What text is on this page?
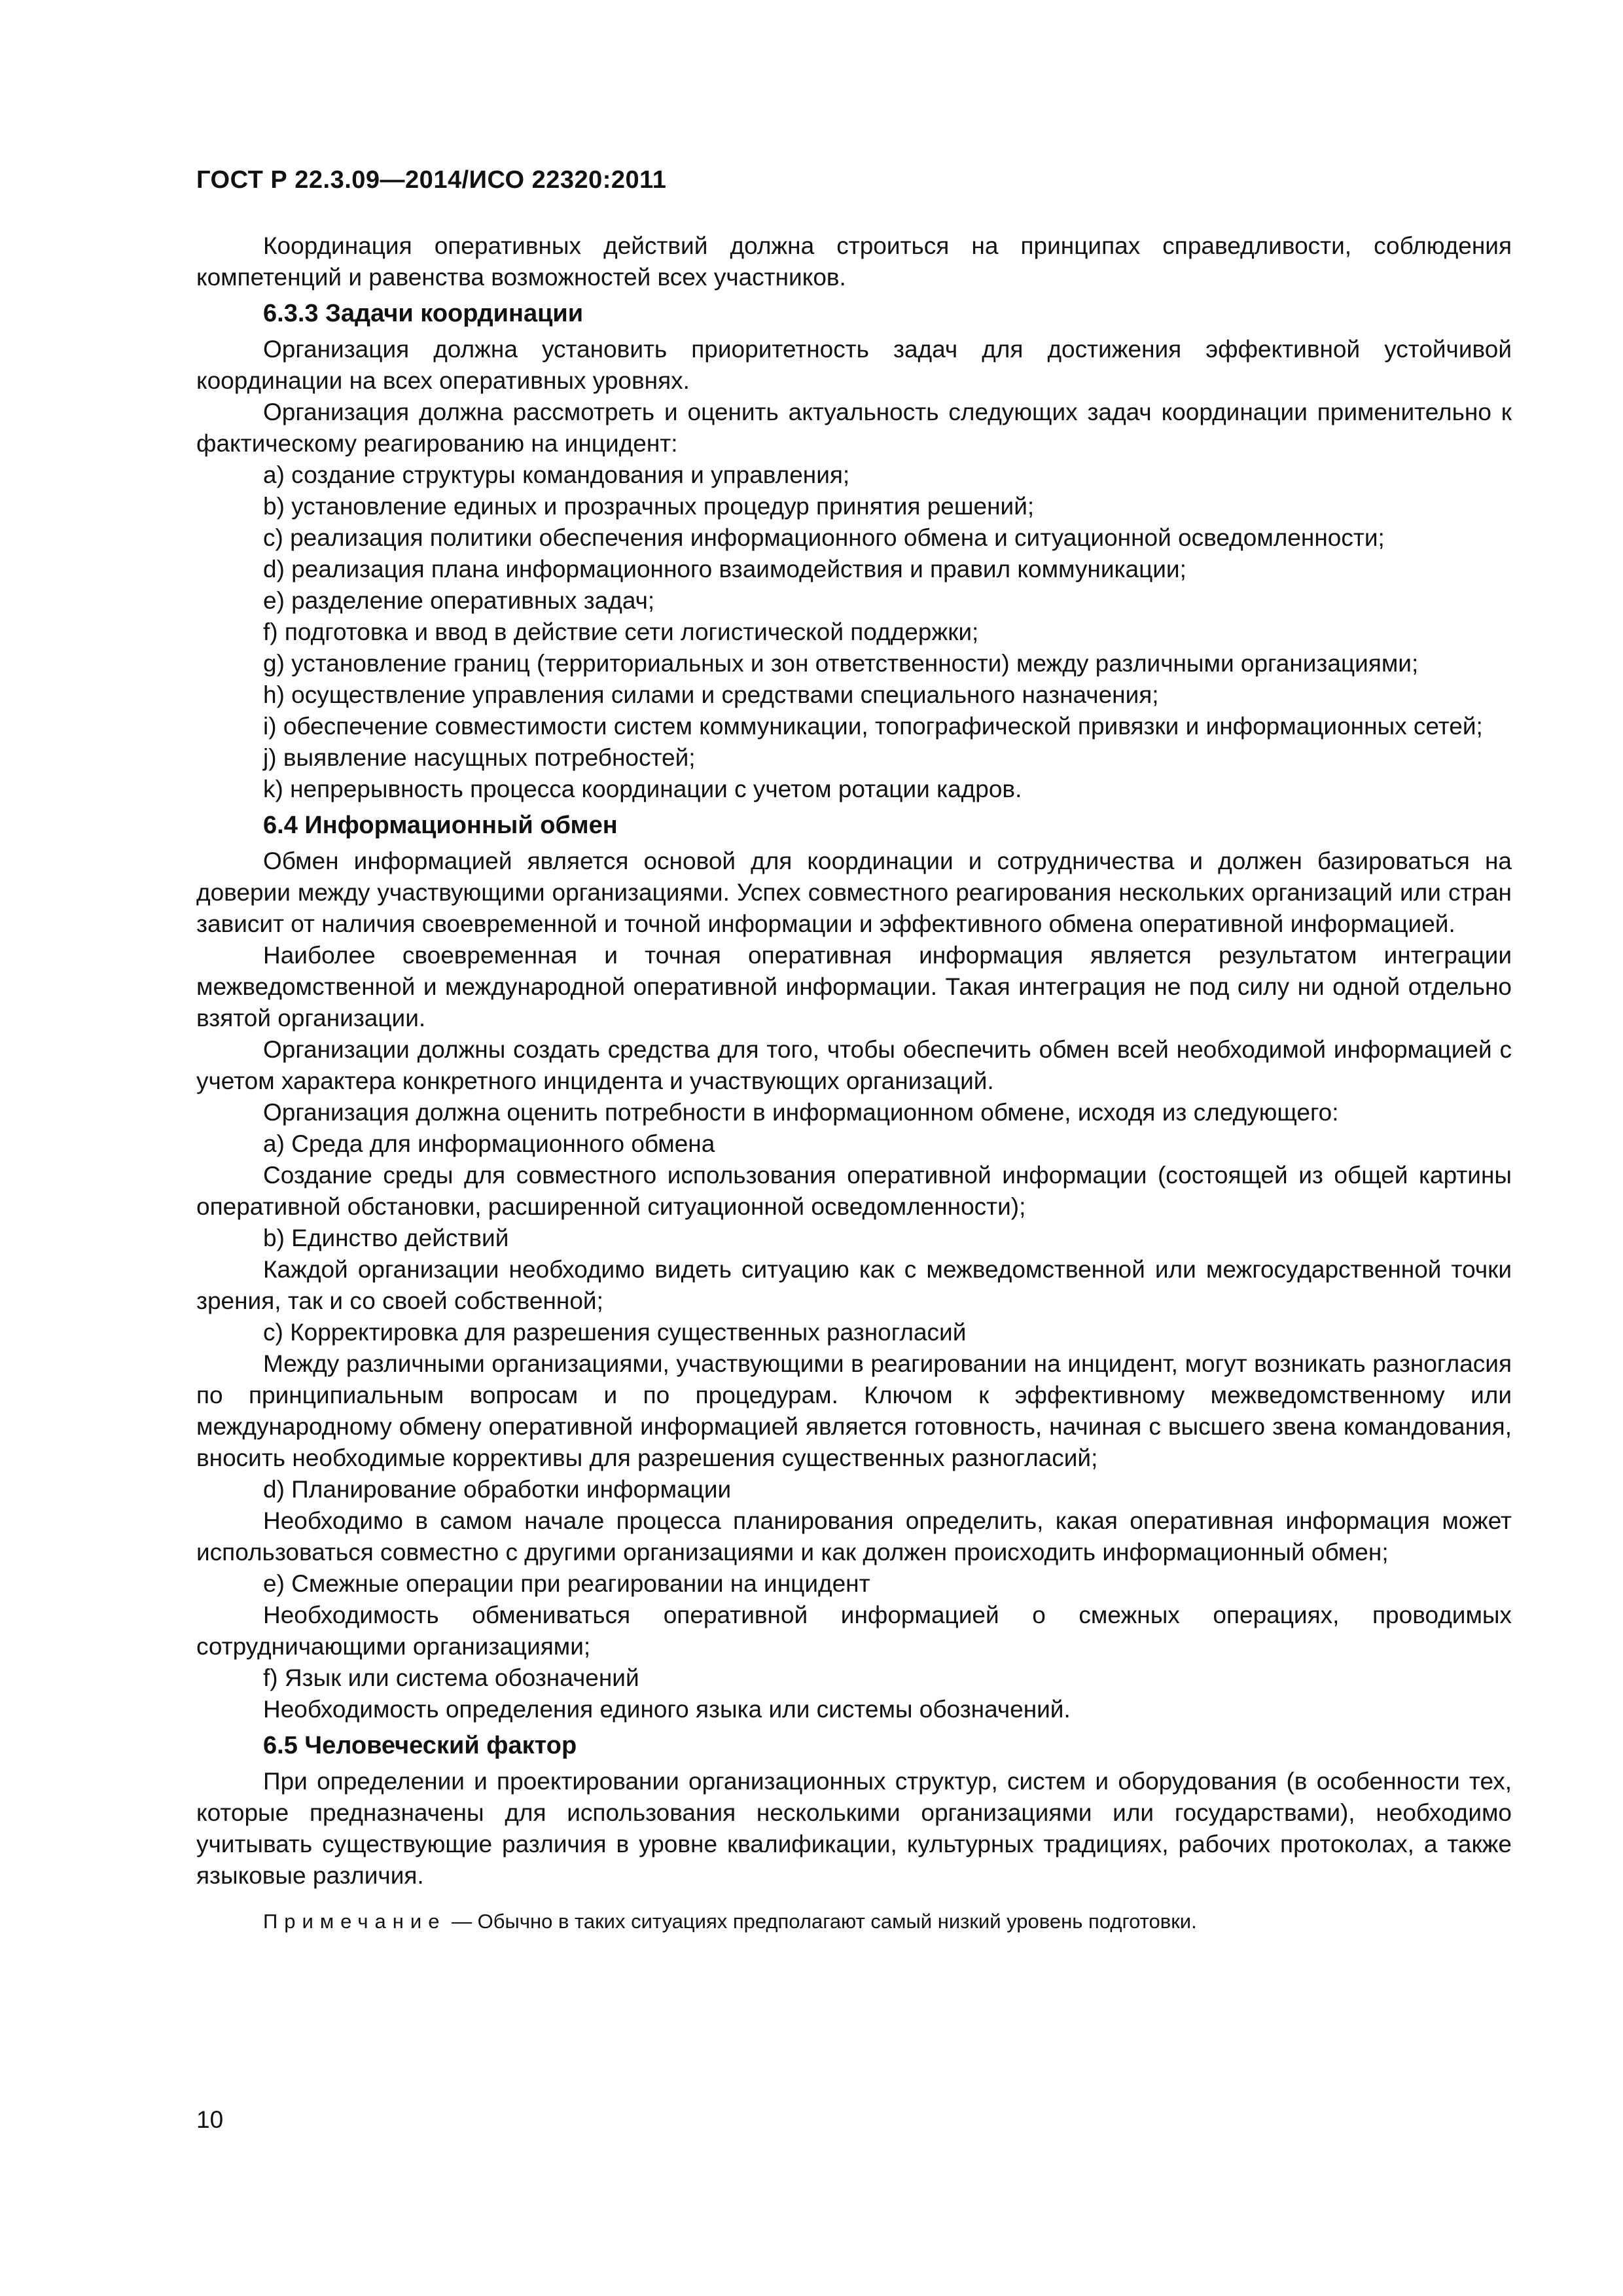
ГОСТ Р 22.3.09—2014/ИСО 22320:2011

Координация оперативных действий должна строиться на принципах справедливости, соблюдения компетенций и равенства возможностей всех участников.

6.3.3 Задачи координации

Организация должна установить приоритетность задач для достижения эффективной устойчивой координации на всех оперативных уровнях.

Организация должна рассмотреть и оценить актуальность следующих задач координации применительно к фактическому реагированию на инцидент:

a) создание структуры командования и управления;

b) установление единых и прозрачных процедур принятия решений;

c) реализация политики обеспечения информационного обмена и ситуационной осведомленности;

d) реализация плана информационного взаимодействия и правил коммуникации;

e) разделение оперативных задач;

f) подготовка и ввод в действие сети логистической поддержки;

g) установление границ (территориальных и зон ответственности) между различными организациями;

h) осуществление управления силами и средствами специального назначения;

i) обеспечение совместимости систем коммуникации, топографической привязки и информационных сетей;

j) выявление насущных потребностей;

k) непрерывность процесса координации с учетом ротации кадров.

6.4 Информационный обмен

Обмен информацией является основой для координации и сотрудничества и должен базироваться на доверии между участвующими организациями. Успех совместного реагирования нескольких организаций или стран зависит от наличия своевременной и точной информации и эффективного обмена оперативной информацией.

Наиболее своевременная и точная оперативная информация является результатом интеграции межведомственной и международной оперативной информации. Такая интеграция не под силу ни одной отдельно взятой организации.

Организации должны создать средства для того, чтобы обеспечить обмен всей необходимой информацией с учетом характера конкретного инцидента и участвующих организаций.

Организация должна оценить потребности в информационном обмене, исходя из следующего:

a) Среда для информационного обмена

Создание среды для совместного использования оперативной информации (состоящей из общей картины оперативной обстановки, расширенной ситуационной осведомленности);

b) Единство действий

Каждой организации необходимо видеть ситуацию как с межведомственной или межгосударственной точки зрения, так и со своей собственной;

c) Корректировка для разрешения существенных разногласий

Между различными организациями, участвующими в реагировании на инцидент, могут возникать разногласия по принципиальным вопросам и по процедурам. Ключом к эффективному межведомственному или международному обмену оперативной информацией является готовность, начиная с высшего звена командования, вносить необходимые коррективы для разрешения существенных разногласий;

d) Планирование обработки информации

Необходимо в самом начале процесса планирования определить, какая оперативная информация может использоваться совместно с другими организациями и как должен происходить информационный обмен;

e) Смежные операции при реагировании на инцидент

Необходимость обмениваться оперативной информацией о смежных операциях, проводимых сотрудничающими организациями;

f) Язык или система обозначений

Необходимость определения единого языка или системы обозначений.

6.5 Человеческий фактор

При определении и проектировании организационных структур, систем и оборудования (в особенности тех, которые предназначены для использования несколькими организациями или государствами), необходимо учитывать существующие различия в уровне квалификации, культурных традициях, рабочих протоколах, а также языковые различия.

Примечание — Обычно в таких ситуациях предполагают самый низкий уровень подготовки.

10
